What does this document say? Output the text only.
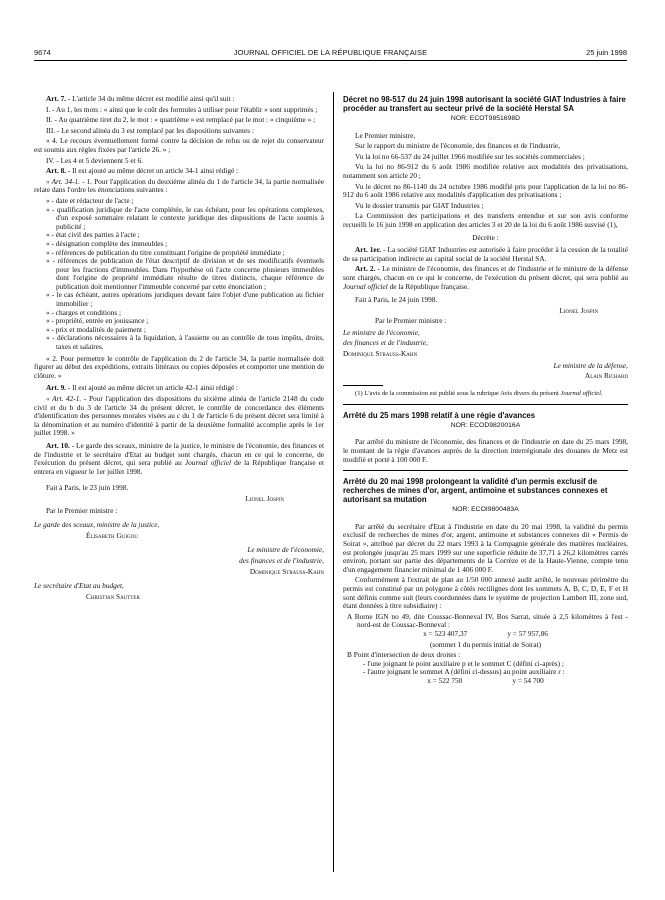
9674	JOURNAL OFFICIEL DE LA RÉPUBLIQUE FRANÇAISE	25 juin 1998

Art. 7. - L'article 34 du même décret est modifié ainsi qu'il suit :

I. - Au 1, les mots : « ainsi que le coût des formules à utiliser pour l'établir » sont supprimés ;

II. - Au quatrième tiret du 2, le mot : « quatrième » est remplacé par le mot : « cinquième » ;

III. - Le second alinéa du 3 est remplacé par les dispositions suivantes :

« 4. Le recours éventuellement formé contre la décision de refus ou de rejet du conservateur est soumis aux règles fixées par l'article 26. » ;

IV. - Les 4 et 5 deviennent 5 et 6.

Art. 8. - Il est ajouté au même décret un article 34-1 ainsi rédigé :

« Art. 34-1. - 1. Pour l'application du deuxième alinéa du 1 de l'article 34, la partie normalisée relate dans l'ordre les énonciations suivantes :

« - date et rédacteur de l'acte ;

« - qualification juridique de l'acte complétée, le cas échéant, pour les opérations complexes, d'un exposé sommaire relatant le contexte juridique des dispositions de l'acte soumis à publicité ;

« - état civil des parties à l'acte ;

« - désignation complète des immeubles ;

« - références de publication du titre constituant l'origine de propriété immédiate ;

« - références de publication de l'état descriptif de division et de ses modificatifs éventuels pour les fractions d'immeubles. Dans l'hypothèse où l'acte concerne plusieurs immeubles dont l'origine de propriété immédiate résulte de titres distincts, chaque référence de publication doit mentionner l'immeuble concerné par cette énonciation ;

« - le cas échéant, autres opérations juridiques devant faire l'objet d'une publication au fichier immobilier ;

« - charges et conditions ;

« - propriété, entrée en jouissance ;

« - prix et modalités de paiement ;

« - déclarations nécessaires à la liquidation, à l'assiette ou au contrôle de tous impôts, droits, taxes et salaires.

« 2. Pour permettre le contrôle de l'application du 2 de l'article 34, la partie normalisée doit figurer au début des expéditions, extraits littéraux ou copies déposées et comporter une mention de clôture. »

Art. 9. - Il est ajouté au même décret un article 42-1 ainsi rédigé :

« Art. 42-1. - Pour l'application des dispositions du sixième alinéa de l'article 2148 du code civil et du b du 3 de l'article 34 du présent décret, le contrôle de concordance des éléments d'identification des personnes morales visées au c du 1 de l'article 6 du présent décret sera limité à la dénomination et au numéro d'identité à partir de la deuxième formalité accomplie après le 1er juillet 1998. »

Art. 10. - Le garde des sceaux, ministre de la justice, le ministre de l'économie, des finances et de l'industrie et le secrétaire d'Etat au budget sont chargés, chacun en ce qui le concerne, de l'exécution du présent décret, qui sera publié au Journal officiel de la République française et entrera en vigueur le 1er juillet 1998.

Fait à Paris, le 23 juin 1998.

Lionel Jospin

Par le Premier ministre :

Le garde des sceaux, ministre de la justice,

Élisabeth Guigou

Le ministre de l'économie,

des finances et de l'industrie,

Dominique Strauss-Kahn

Le secrétaire d'Etat au budget,

Christian Sautter

Décret no 98-517 du 24 juin 1998 autorisant la société GIAT Industries à faire procéder au transfert au secteur privé de la société Herstal SA

NOR: ECOT9851698D

Le Premier ministre,

Sur le rapport du ministre de l'économie, des finances et de l'industrie,

Vu la loi no 66-537 du 24 juillet 1966 modifiée sur les sociétés commerciales ;

Vu la loi no 86-912 du 6 août 1986 modifiée relative aux modalités des privatisations, notamment son article 20 ;

Vu le décret no 86-1140 du 24 octobre 1986 modifié pris pour l'application de la loi no 86-912 du 6 août 1986 relative aux modalités d'application des privatisations ;

Vu le dossier transmis par GIAT Industries ;

La Commission des participations et des transferts entendue et sur son avis conforme recueilli le 16 juin 1998 en application des articles 3 et 20 de la loi du 6 août 1986 susvisé (1),

Décrète :

Art. 1er. - La société GIAT Industries est autorisée à faire procéder à la cession de la totalité de sa participation indirecte au capital social de la société Herstal SA.

Art. 2. - Le ministre de l'économie, des finances et de l'industrie et le ministre de la défense sont chargés, chacun en ce qui le concerne, de l'exécution du présent décret, qui sera publié au Journal officiel de la République française.

Fait à Paris, le 24 juin 1998.

Lionel Jospin

Par le Premier ministre :

Le ministre de l'économie,

des finances et de l'industrie,

Dominique Strauss-Kahn

Le ministre de la défense,

Alain Richard

(1) L'avis de la commission est publié sous la rubrique Avis divers du présent Journal officiel.

Arrêté du 25 mars 1998 relatif à une régie d'avances

NOR: ECOD9820016A

Par arrêté du ministre de l'économie, des finances et de l'industrie en date du 25 mars 1998, le montant de la régie d'avances auprès de la direction interrégionale des douanes de Metz est modifié et porté à 100 000 F.

Arrêté du 20 mai 1998 prolongeant la validité d'un permis exclusif de recherches de mines d'or, argent, antimoine et substances connexes et autorisant sa mutation

NOR: ECOI9800483A

Par arrêté du secrétaire d'Etat à l'industrie en date du 20 mai 1998, la validité du permis exclusif de recherches de mines d'or, argent, antimoine et substances connexes dit « Permis de Soirat », attribué par décret du 22 mars 1993 à la Compagnie générale des matières nucléaires, est prolongée jusqu'au 25 mars 1999 sur une superficie réduite de 37,71 à 26,2 kilomètres carrés environ, portant sur partie des départements de la Corrèze et de la Haute-Vienne, compte tenu d'un engagement financier minimal de 1 406 000 F.

Conformément à l'extrait de plan au 1/50 000 annexé audit arrêté, le nouveau périmètre du permis est constitué par un polygone à côtés rectilignes dont les sommets A, B, C, D, E, F et H sont définis comme suit (leurs coordonnées dans le système de projection Lambert III, zone sud, étant données à titre subsidiaire) :

A Borne IGN no 49, dite Coussac-Bonneval IV, Bos Sarrat, située à 2,5 kilomètres à l'est - nord-est de Coussac-Bonneval :

x = 523 407,37	y = 57 957,86

(sommet 1 du permis initial de Soirat)

B Point d'intersection de deux droites :

- l'une joignant le point auxiliaire p et le sommet C (défini ci-après) ;

- l'autre joignant le sommet A (défini ci-dessus) au point auxiliaire r :

x = 522 750	y = 54 700
